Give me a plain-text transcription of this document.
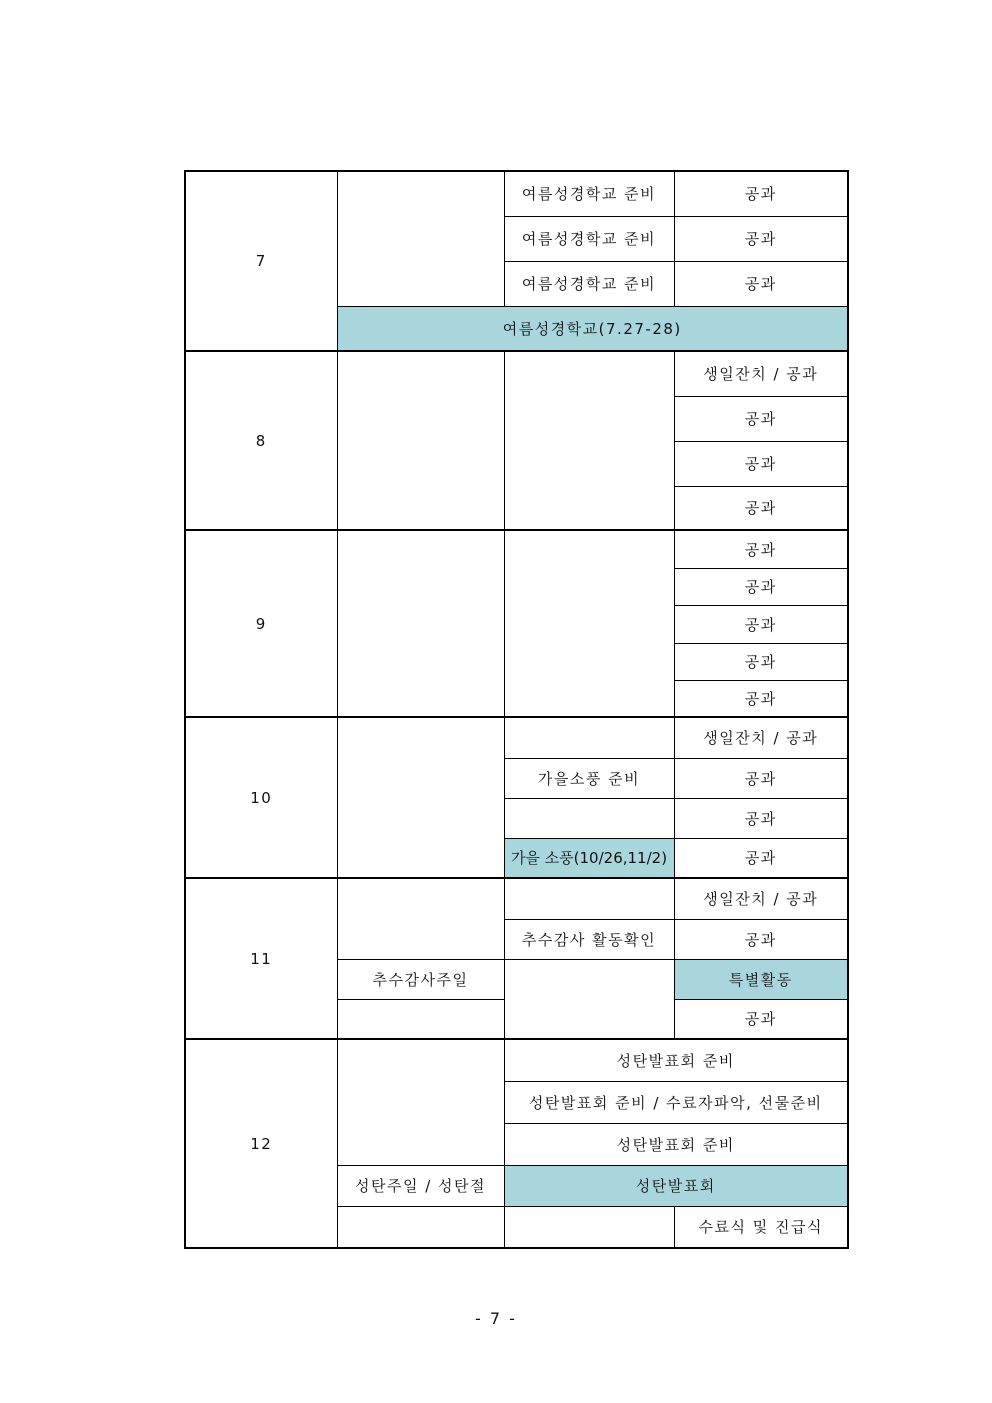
7		여름성경학교 준비	공과
		여름성경학교 준비	공과
		여름성경학교 준비	공과
	여름성경학교(7.27-28)		
8			생일잔치 / 공과
			공과
			공과
			공과
9			공과
			공과
			공과
			공과
			공과
10			생일잔치 / 공과
		가을소풍 준비	공과
			공과
		가을 소풍(10/26,11/2)	공과
11			생일잔치 / 공과
		추수감사 활동확인	공과
	추수감사주일		특별활동
			공과
12		성탄발표회 준비	
		성탄발표회 준비 / 수료자파악, 선물준비	
		성탄발표회 준비	
	성탄주일 / 성탄절	성탄발표회	
			수료식 및 진급식
- 7 -
